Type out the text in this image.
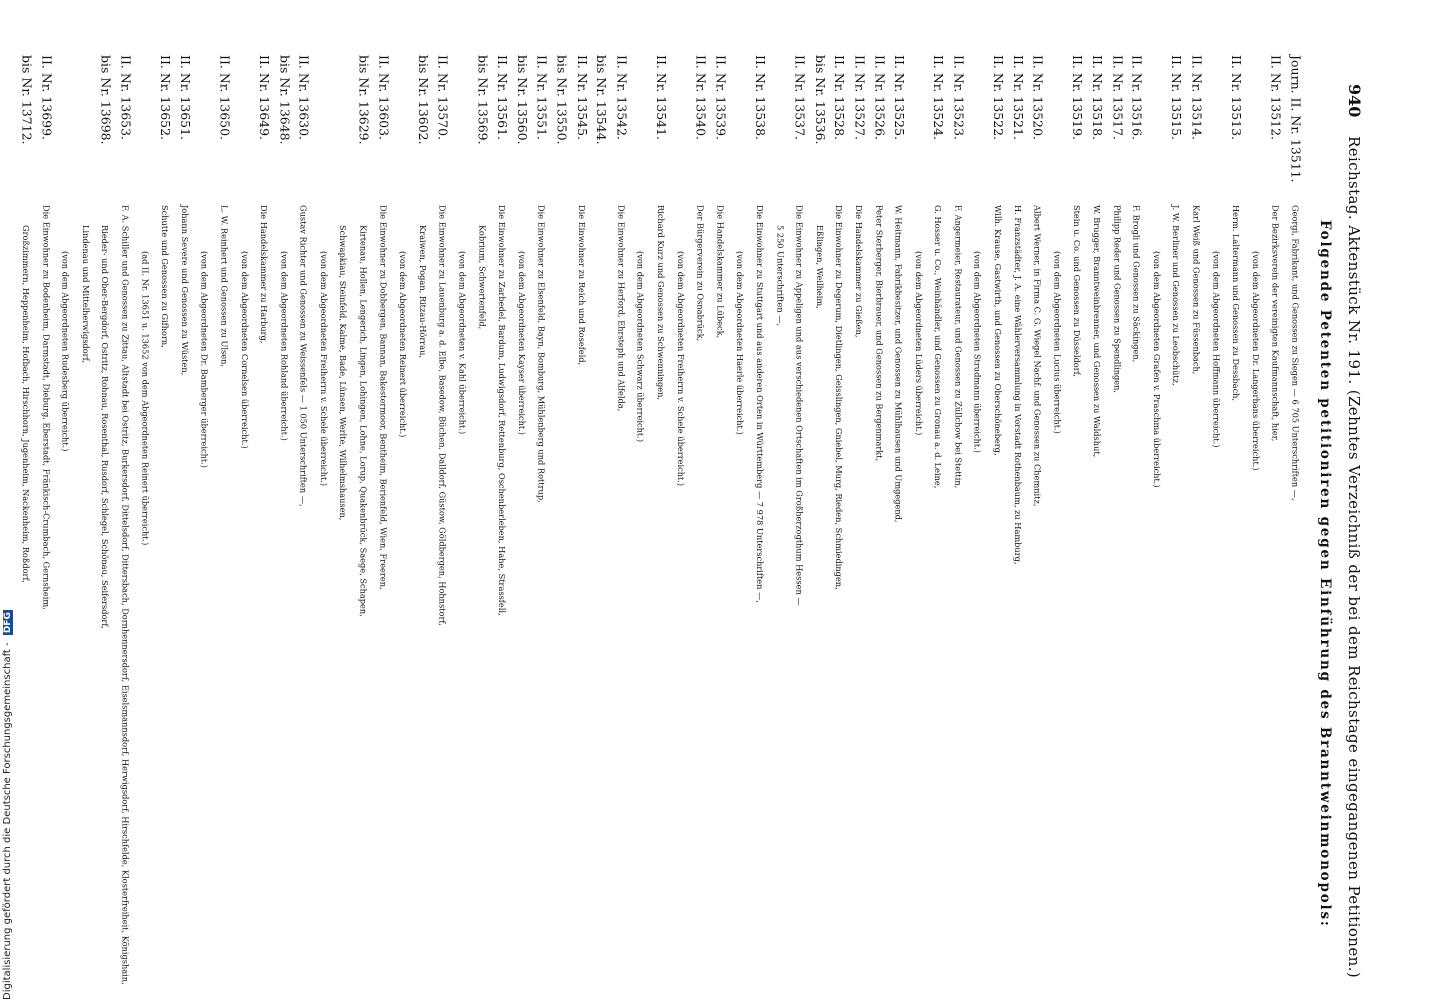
940
Reichstag. Aktenstück Nr. 191. (Zehntes Verzeichniß der bei dem Reichstage eingegangenen Petitionen.)
Folgende Petenten petitioniren gegen Einführung des Branntweinmonopols:
Journ. II. Nr. 13511.
Georgi, Fabrikant, und Genossen zu Siegen — 6 705 Unterschriften —,
II. Nr. 13512.
Der Bezirksverein der vereinigten Kaufmannschaft, hier,
(von dem Abgeordneten Dr. Langerhans überreicht.)
II. Nr. 13513.
Herm. Laltermann und Genossen zu Dessbach,
(von dem Abgeordneten Hoffmann überreicht.)
II. Nr. 13514.
Karl Weiß und Genossen zu Füssenbach,
II. Nr. 13515.
J. W. Berliner und Genossen zu Leobschütz,
(von dem Abgeordneten Grafen v. Praschma überreicht.)
II. Nr. 13516.
F. Brogli und Genossen zu Säckingen,
II. Nr. 13517.
Philipp Reder und Genossen zu Spendlingen,
II. Nr. 13518.
W. Brugger, Branntweinbrenner, und Genossen zu Waldshut,
II. Nr. 13519.
Stein u. Co. und Genossen zu Düsseldorf,
(von dem Abgeordneten Lucius überreicht.)
II. Nr. 13520.
Albert Werner, in Firma C. G. Wiegel Nachf. und Genossen zu Chemnitz,
II. Nr. 13521.
H. Franzstädter, J. A. eine Wählerversammlung in Vorstadt Rothenbaum, zu Hamburg,
II. Nr. 13522.
Wilh. Krause, Gastwirth, und Genossen zu Oberschöneberg,
(von dem Abgeordneten Strudmann überreicht.)
II. Nr. 13523.
F. Angermeier, Restaurateur, und Genossen zu Züllchow bei Stettin,
II. Nr. 13524.
G. Hosser u. Co., Weinhändler, und Genossen zu Gronau a. d. Leine,
(von dem Abgeordneten Lüders überreicht.)
II. Nr. 13525.
W. Heitmann, Fabrikbesitzer, und Genossen zu Mühlhausen und Umgegend,
II. Nr. 13526.
Peter Sterberger, Bierbrauer, und Genossen zu Bergenmarkt,
II. Nr. 13527.
Die Handelskammer zu Gießen,
II. Nr. 13528.
bis Nr. 13536.
Die Einwohner zu Degerum, Dietlingen, Geisslingen, Gniebel, Murg, Rieden, Schmiedingen,
Eßlingen, Weilheim,
II. Nr. 13537.
Die Einwohner zu Appeligen und aus verschiedenen Ortschaften im Großherzogthum Hessen —
5 250 Unterschriften —,
II. Nr. 13538.
Die Einwohner zu Stuttgart und aus anderen Orten in Württemberg — 7 978 Unterschriften —,
(von dem Abgeordneten Haerle überreicht.)
II. Nr. 13539.
Die Handelskammer zu Lübeck,
II. Nr. 13540.
Der Bürgerverein zu Osnabrück,
(von dem Abgeordneten Freiherrn v. Schele überreicht.)
II. Nr. 13541.
Richard Kurz und Genossen zu Schwenningen,
(von dem Abgeordneten Schwarz überreicht.)
II. Nr. 13542.
bis Nr. 13544.
Die Einwohner zu Herford, Ehrsteph und Alfelda,
II. Nr. 13545.
bis Nr. 13550.
Die Einwohner zu Reich und Rosefeld,
II. Nr. 13551.
bis Nr. 13560.
Die Einwohner zu Elsenfeld, Bayn, Bomburg, Mühlenberg und Rottrup,
(von dem Abgeordneten Kayser überreicht.)
II. Nr. 13561.
bis Nr. 13569.
Die Einwohner zu Zarbedel, Bardum, Ludwigsdorf, Rettenburg, Oschenberleben, Hahe, Strassfell,
Kobrium, Schwertenfeld,
(von dem Abgeordneten v. Kahl überreicht.)
II. Nr. 13570.
bis Nr. 13602.
Die Einwohner zu Lauenburg a. d. Elbe, Basedow, Büchen, Dalldorf, Güstow, Göldbergen, Hohnstorf,
Kraiwen, Pogan, Ritzau-Hörrau,
(von dem Abgeordneten Reinert überreicht.)
II. Nr. 13603.
bis Nr. 13629.
Die Einwohner zu Dobbergen, Bannan, Bakestermoor, Bentheim, Berienfeld, Wien, Freeren,
Kirtenau, Hollen, Lengerich, Lingen, Lohingen, Lohne, Lorup, Quakenbrück, Saege, Schapen,
Schwapkiau, Steinfeld, Kalme, Bade, Lünsen, Werlte, Wilhelmshausen,
(von dem Abgeordneten Freiherrn v. Schele überreicht.)
II. Nr. 13630.
bis Nr. 13648.
Gustav Richter und Genossen zu Weissenfels — 1 050 Unterschriften —,
(von dem Abgeordneten Rohland überreicht.)
II. Nr. 13649.
Die Handelskammer zu Harburg,
(von dem Abgeordneten Cornelsen überreicht.)
II. Nr. 13650.
L. W. Reinhert und Genossen zu Ulsen,
(von dem Abgeordneten Dr. Bamberger überreicht.)
II. Nr. 13651.
Johann Severe und Genossen zu Wüsten,
II. Nr. 13652.
Schutte und Genossen zu Gifhorn,
(ad II. Nr. 13651 u. 13652 von dem Abgeordneten Reinert überreicht.)
II. Nr. 13653.
bis Nr. 13698.
F. A. Schiller und Genossen zu Zittau, Altstadt bei Ostritz, Burkersdorf, Dittelsdorf, Dittersbach, Dornhennersdorf, Eiselsmannsdorf, Herwigsdorf, Hirschfelde, Klosterfreiheit, Königshain,
Rieder- und Ober-Bergdorf, Ostritz, Rohnau, Rosenthal, Rusdorf, Schlegel, Schönau, Seifersdorf,
Lindenau und Mittelherwigsdorf,
(von dem Abgeordneten Rudesberg überreicht.)
II. Nr. 13699.
bis Nr. 13712.
Die Einwohner zu Bodenheim, Darmstadt, Dieburg, Eberstadt, Fränkisch-Crumbach, Gernsheim,
Großzimmern, Heppenheim, Hofbach, Hirschhorn, Jugenheim, Nackenheim, Roßdorf,
Digitalisierung gefördert durch die Deutsche Forschungsgemeinschaft - DFG
